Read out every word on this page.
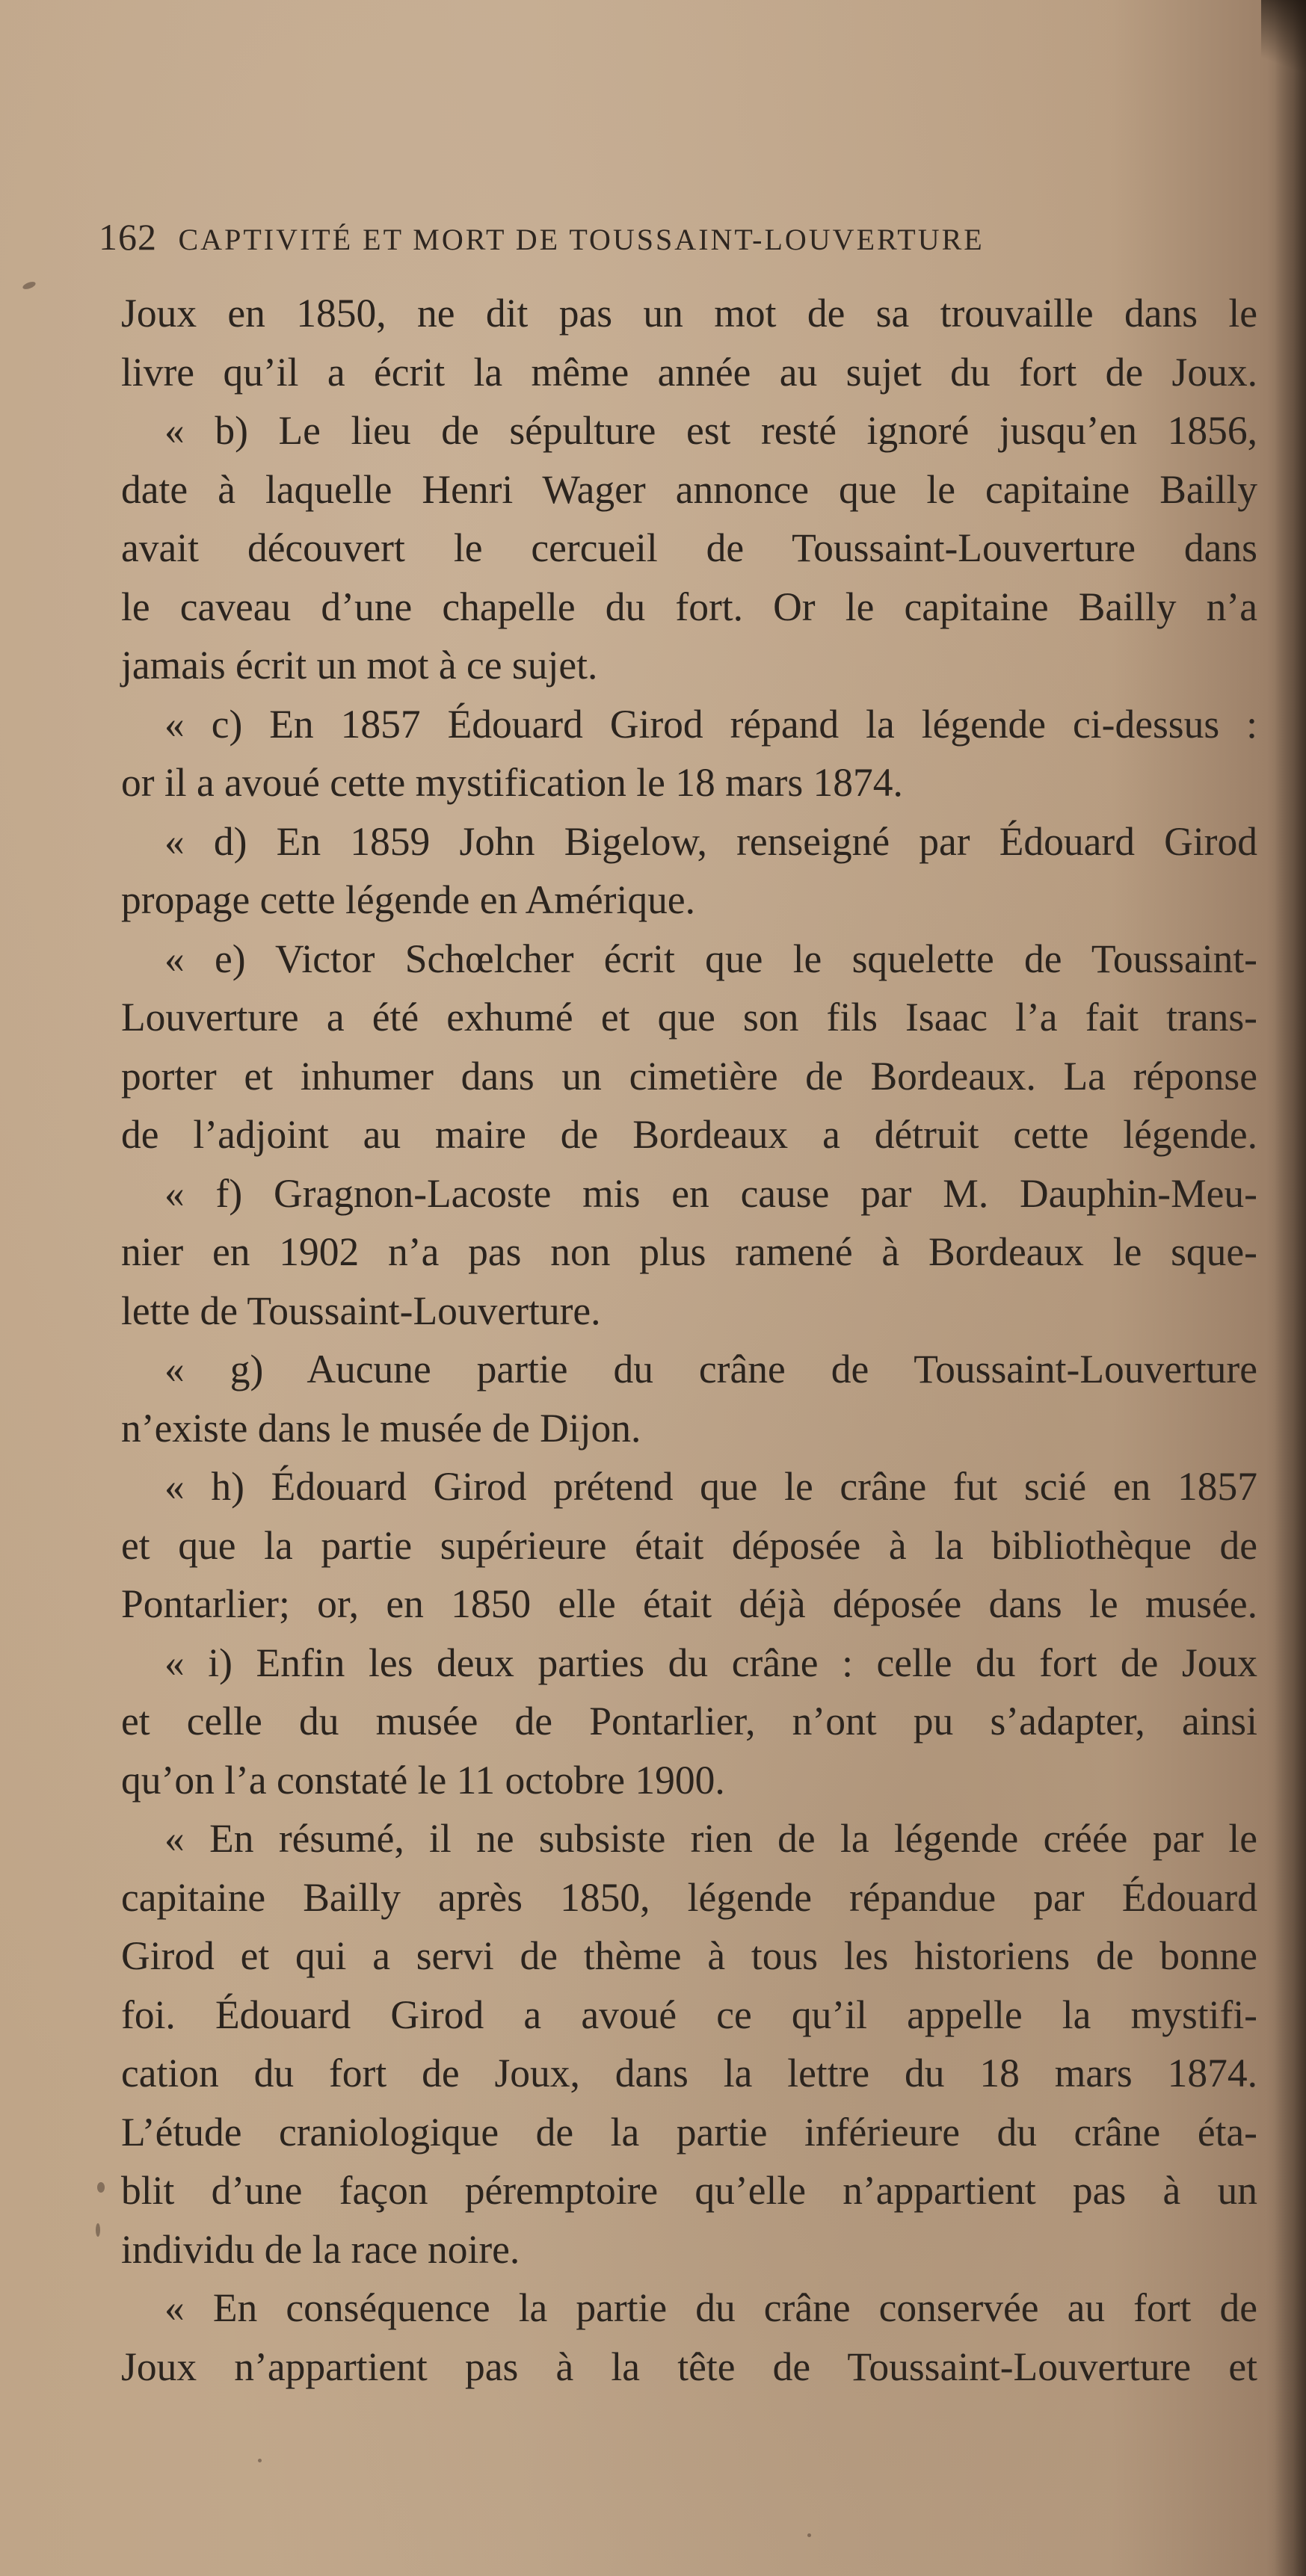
162 CAPTIVITÉ ET MORT DE TOUSSAINT-LOUVERTURE
Joux en 1850, ne dit pas un mot de sa trouvaille dans le
livre qu’il a écrit la même année au sujet du fort de Joux.
« b) Le lieu de sépulture est resté ignoré jusqu’en 1856,
date à laquelle Henri Wager annonce que le capitaine Bailly
avait découvert le cercueil de Toussaint-Louverture dans
le caveau d’une chapelle du fort. Or le capitaine Bailly n’a
jamais écrit un mot à ce sujet.
« c) En 1857 Édouard Girod répand la légende ci-dessus :
or il a avoué cette mystification le 18 mars 1874.
« d) En 1859 John Bigelow, renseigné par Édouard Girod
propage cette légende en Amérique.
« e) Victor Schœlcher écrit que le squelette de Toussaint-
Louverture a été exhumé et que son fils Isaac l’a fait trans-
porter et inhumer dans un cimetière de Bordeaux. La réponse
de l’adjoint au maire de Bordeaux a détruit cette légende.
« f) Gragnon-Lacoste mis en cause par M. Dauphin-Meu-
nier en 1902 n’a pas non plus ramené à Bordeaux le sque-
lette de Toussaint-Louverture.
« g) Aucune partie du crâne de Toussaint-Louverture
n’existe dans le musée de Dijon.
« h) Édouard Girod prétend que le crâne fut scié en 1857
et que la partie supérieure était déposée à la bibliothèque de
Pontarlier; or, en 1850 elle était déjà déposée dans le musée.
« i) Enfin les deux parties du crâne : celle du fort de Joux
et celle du musée de Pontarlier, n’ont pu s’adapter, ainsi
qu’on l’a constaté le 11 octobre 1900.
« En résumé, il ne subsiste rien de la légende créée par le
capitaine Bailly après 1850, légende répandue par Édouard
Girod et qui a servi de thème à tous les historiens de bonne
foi. Édouard Girod a avoué ce qu’il appelle la mystifi-
cation du fort de Joux, dans la lettre du 18 mars 1874.
L’étude craniologique de la partie inférieure du crâne éta-
blit d’une façon péremptoire qu’elle n’appartient pas à un
individu de la race noire.
« En conséquence la partie du crâne conservée au fort de
Joux n’appartient pas à la tête de Toussaint-Louverture et
